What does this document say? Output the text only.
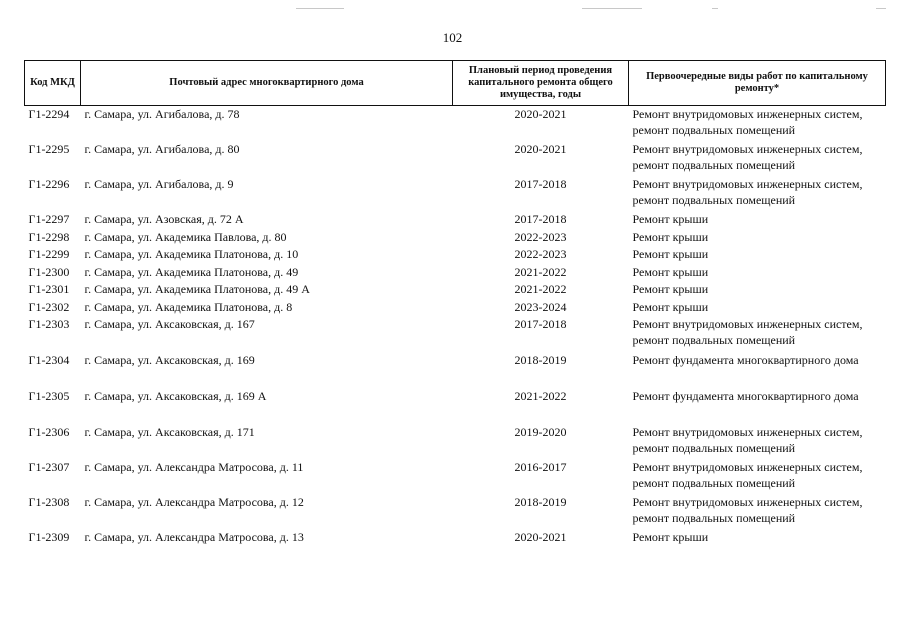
102
Код МКД	Почтовый адрес многоквартирного дома	Плановый период проведения капитального ремонта общего имущества, годы	Первоочередные виды работ по капитальному ремонту*
Г1-2294	г. Самара, ул. Агибалова, д. 78	2020-2021	Ремонт внутридомовых инженерных систем, ремонт подвальных помещений
Г1-2295	г. Самара, ул. Агибалова, д. 80	2020-2021	Ремонт внутридомовых инженерных систем, ремонт подвальных помещений
Г1-2296	г. Самара, ул. Агибалова, д. 9	2017-2018	Ремонт внутридомовых инженерных систем, ремонт подвальных помещений
Г1-2297	г. Самара, ул. Азовская, д. 72 А	2017-2018	Ремонт крыши
Г1-2298	г. Самара, ул. Академика Павлова, д. 80	2022-2023	Ремонт крыши
Г1-2299	г. Самара, ул. Академика Платонова, д. 10	2022-2023	Ремонт крыши
Г1-2300	г. Самара, ул. Академика Платонова, д. 49	2021-2022	Ремонт крыши
Г1-2301	г. Самара, ул. Академика Платонова, д. 49 А	2021-2022	Ремонт крыши
Г1-2302	г. Самара, ул. Академика Платонова, д. 8	2023-2024	Ремонт крыши
Г1-2303	г. Самара, ул. Аксаковская, д. 167	2017-2018	Ремонт внутридомовых инженерных систем, ремонт подвальных помещений
Г1-2304	г. Самара, ул. Аксаковская, д. 169	2018-2019	Ремонт фундамента многоквартирного дома
Г1-2305	г. Самара, ул. Аксаковская, д. 169 А	2021-2022	Ремонт фундамента многоквартирного дома
Г1-2306	г. Самара, ул. Аксаковская, д. 171	2019-2020	Ремонт внутридомовых инженерных систем, ремонт подвальных помещений
Г1-2307	г. Самара, ул. Александра Матросова, д. 11	2016-2017	Ремонт внутридомовых инженерных систем, ремонт подвальных помещений
Г1-2308	г. Самара, ул. Александра Матросова, д. 12	2018-2019	Ремонт внутридомовых инженерных систем, ремонт подвальных помещений
Г1-2309	г. Самара, ул. Александра Матросова, д. 13	2020-2021	Ремонт крыши
